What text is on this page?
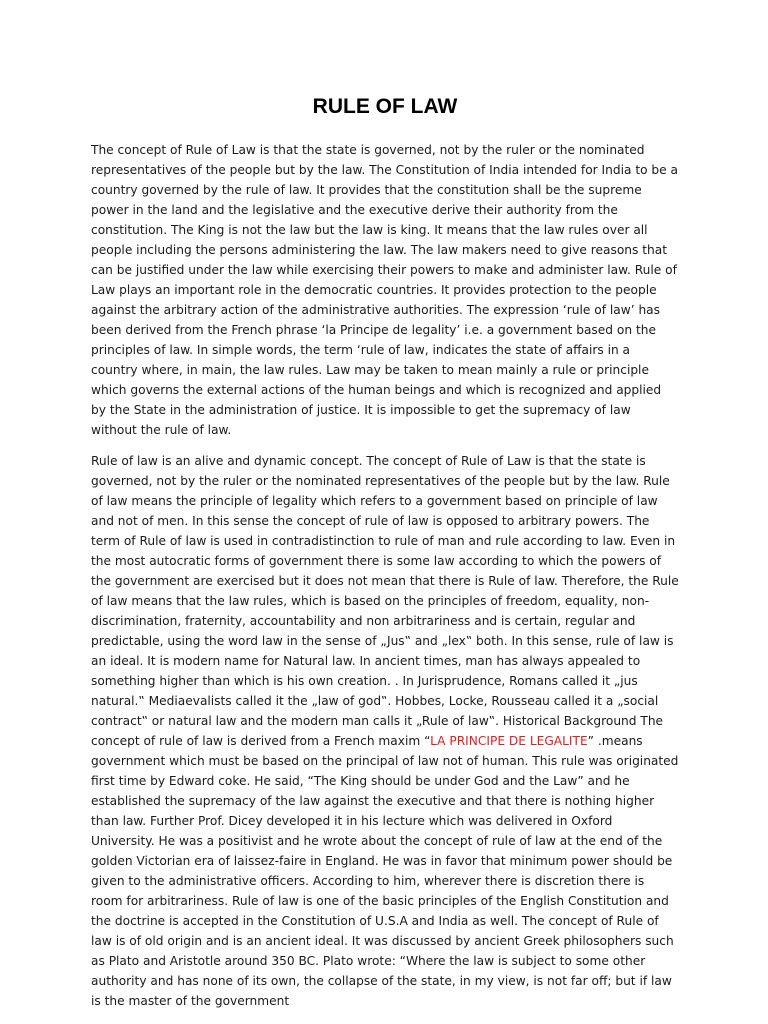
RULE OF LAW

The concept of Rule of Law is that the state is governed, not by the ruler or the nominated representatives of the people but by the law. The Constitution of India intended for India to be a country governed by the rule of law. It provides that the constitution shall be the supreme power in the land and the legislative and the executive derive their authority from the constitution. The King is not the law but the law is king. It means that the law rules over all people including the persons administering the law. The law makers need to give reasons that can be justified under the law while exercising their powers to make and administer law. Rule of Law plays an important role in the democratic countries. It provides protection to the people against the arbitrary action of the administrative authorities. The expression ‘rule of law’ has been derived from the French phrase ‘la Principe de legality’ i.e. a government based on the principles of law. In simple words, the term ‘rule of law, indicates the state of affairs in a country where, in main, the law rules. Law may be taken to mean mainly a rule or principle which governs the external actions of the human beings and which is recognized and applied by the State in the administration of justice. It is impossible to get the supremacy of law without the rule of law.

Rule of law is an alive and dynamic concept. The concept of Rule of Law is that the state is governed, not by the ruler or the nominated representatives of the people but by the law. Rule of law means the principle of legality which refers to a government based on principle of law and not of men. In this sense the concept of rule of law is opposed to arbitrary powers. The term of Rule of law is used in contradistinction to rule of man and rule according to law. Even in the most autocratic forms of government there is some law according to which the powers of the government are exercised but it does not mean that there is Rule of law. Therefore, the Rule of law means that the law rules, which is based on the principles of freedom, equality, non-discrimination, fraternity, accountability and non arbitrariness and is certain, regular and predictable, using the word law in the sense of „Jus‟ and „lex‟ both. In this sense, rule of law is an ideal. It is modern name for Natural law. In ancient times, man has always appealed to something higher than which is his own creation. . In Jurisprudence, Romans called it „jus natural.‟ Mediaevalists called it the „law of god‟. Hobbes, Locke, Rousseau called it a „social contract‟ or natural law and the modern man calls it „Rule of law‟. Historical Background The concept of rule of law is derived from a French maxim “LA PRINCIPE DE LEGALITE” .means government which must be based on the principal of law not of human. This rule was originated first time by Edward coke. He said, “The King should be under God and the Law” and he established the supremacy of the law against the executive and that there is nothing higher than law. Further Prof. Dicey developed it in his lecture which was delivered in Oxford University. He was a positivist and he wrote about the concept of rule of law at the end of the golden Victorian era of laissez-faire in England. He was in favor that minimum power should be given to the administrative officers. According to him, wherever there is discretion there is room for arbitrariness. Rule of law is one of the basic principles of the English Constitution and the doctrine is accepted in the Constitution of U.S.A and India as well. The concept of Rule of law is of old origin and is an ancient ideal. It was discussed by ancient Greek philosophers such as Plato and Aristotle around 350 BC. Plato wrote: “Where the law is subject to some other authority and has none of its own, the collapse of the state, in my view, is not far off; but if law is the master of the government
